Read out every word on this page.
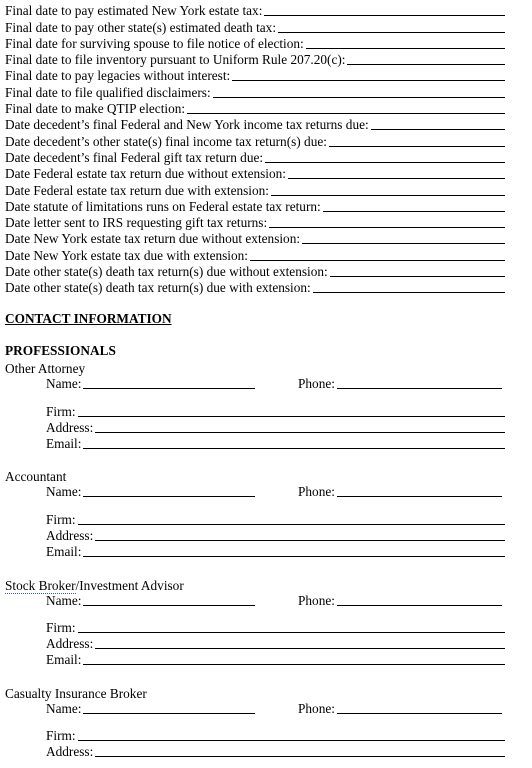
Final date to pay estimated New York estate tax:
Final date to pay other state(s) estimated death tax:
Final date for surviving spouse to file notice of election:
Final date to file inventory pursuant to Uniform Rule 207.20(c):
Final date to pay legacies without interest:
Final date to file qualified disclaimers:
Final date to make QTIP election:
Date decedent’s final Federal and New York income tax returns due:
Date decedent’s other state(s) final income tax return(s) due:
Date decedent’s final Federal gift tax return due:
Date Federal estate tax return due without extension:
Date Federal estate tax return due with extension:
Date statute of limitations runs on Federal estate tax return:
Date letter sent to IRS requesting gift tax returns:
Date New York estate tax return due without extension:
Date New York estate tax due with extension:
Date other state(s) death tax return(s) due without extension:
Date other state(s) death tax return(s) due with extension:
CONTACT INFORMATION
PROFESSIONALS
Other Attorney
Name:	Phone:
Firm:
Address:
Email:
Accountant
Name:	Phone:
Firm:
Address:
Email:
Stock Broker/Investment Advisor
Name:	Phone:
Firm:
Address:
Email:
Casualty Insurance Broker
Name:	Phone:
Firm:
Address:
